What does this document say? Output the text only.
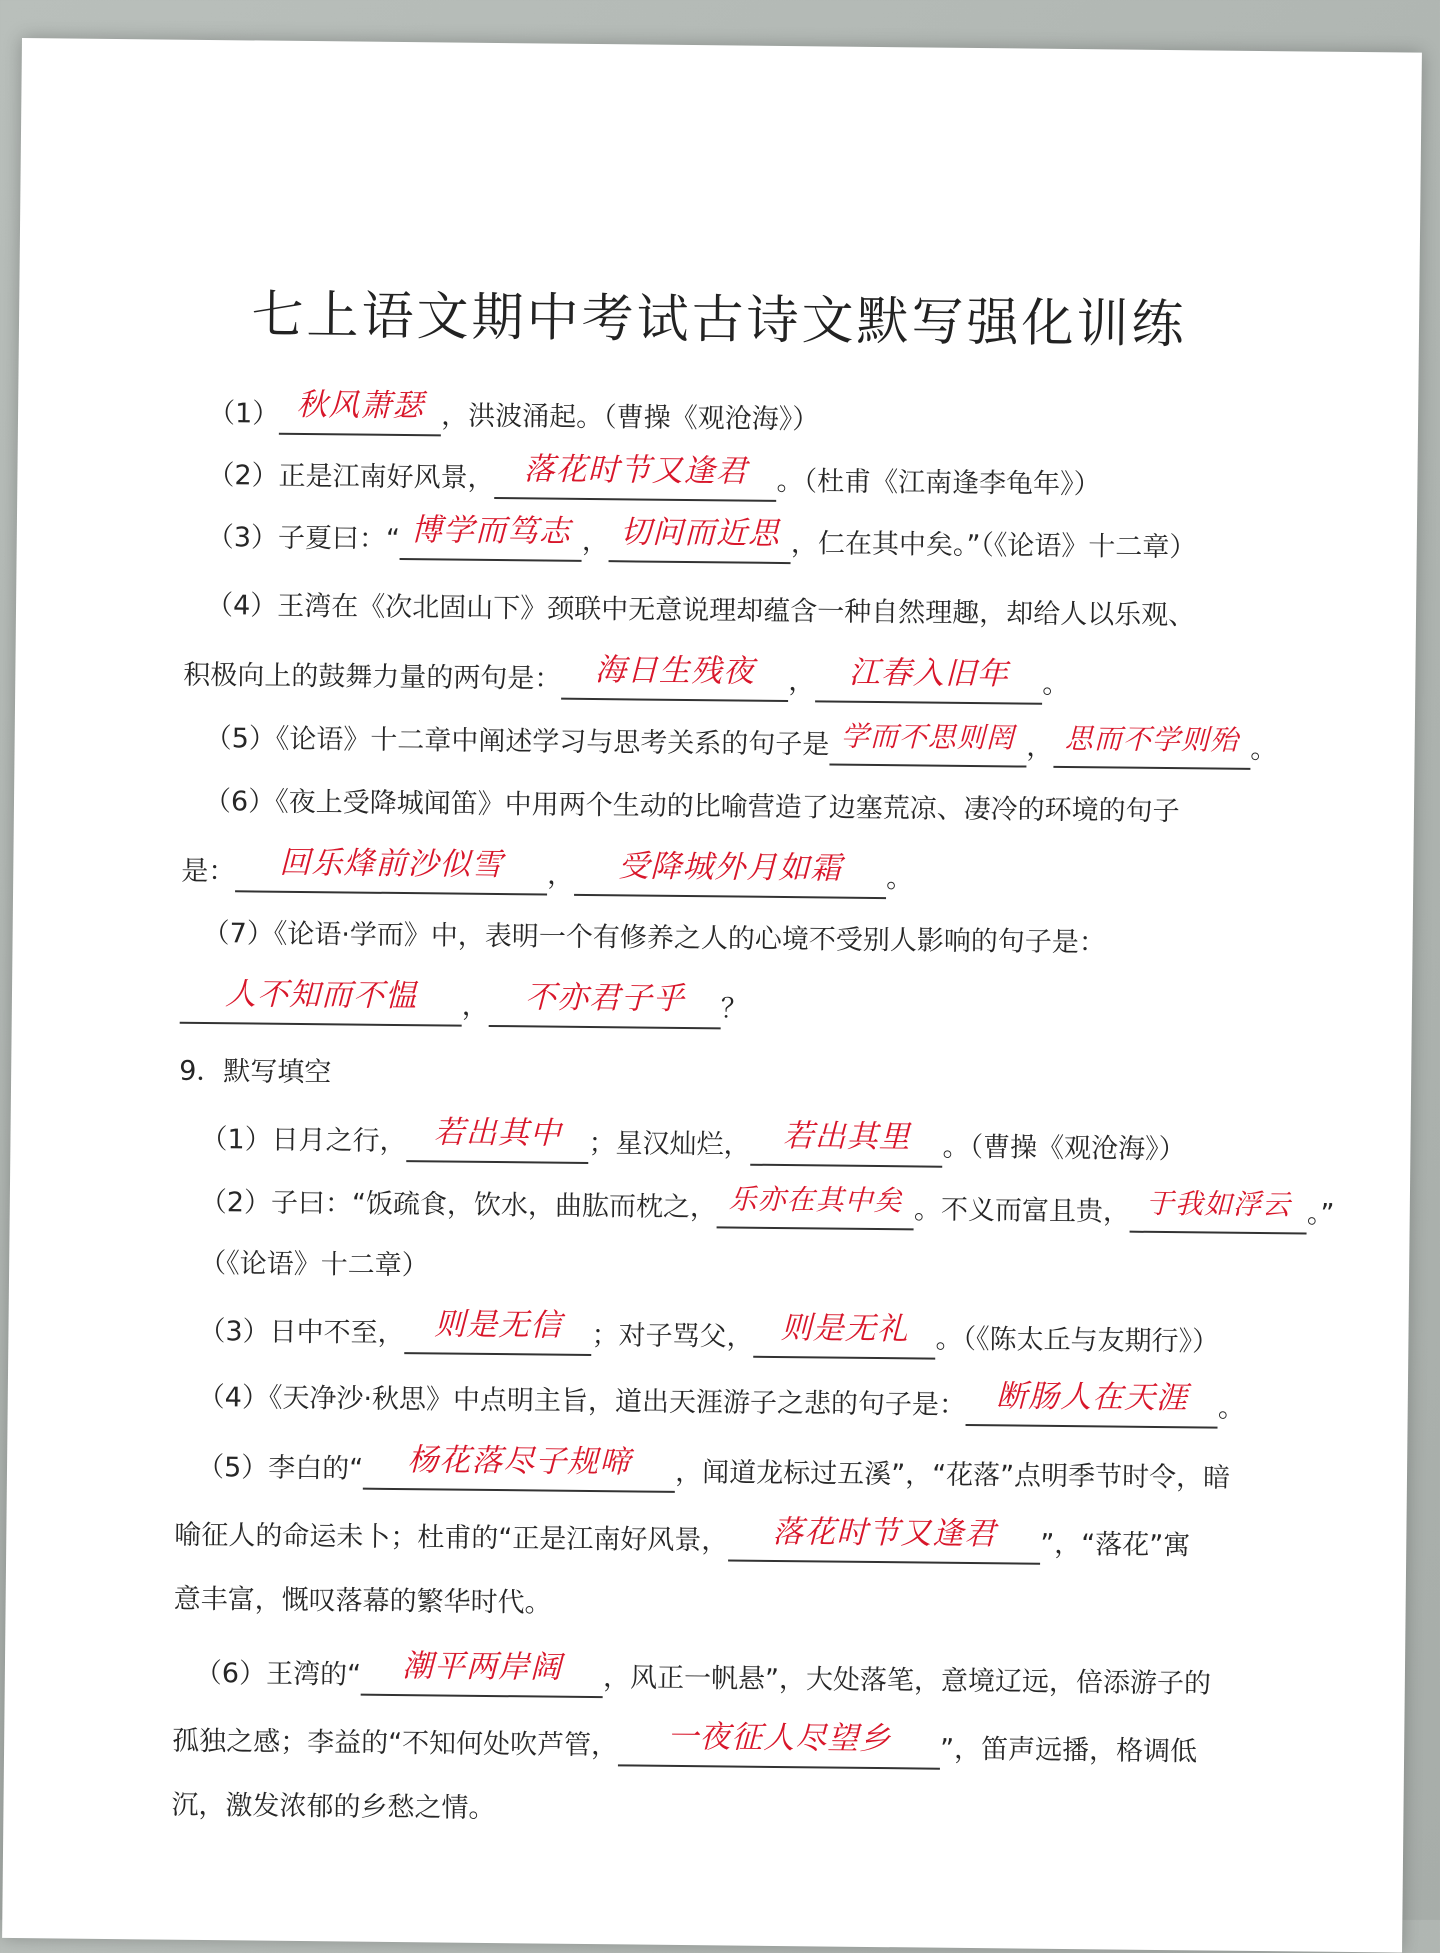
七上语文期中考试古诗文默写强化训练
（1） 秋风萧瑟 ，洪波涌起。（曹操《观沧海》）
（2）正是江南好风景， 落花时节又逢君 。（杜甫《江南逢李龟年》）
（3）子夏曰：“ 博学而笃志 ， 切问而近思 ，仁在其中矣。”（《论语》十二章）
（4）王湾在《次北固山下》颈联中无意说理却蕴含一种自然理趣，却给人以乐观、
积极向上的鼓舞力量的两句是： 海日生残夜 ， 江春入旧年 。
（5）《论语》十二章中阐述学习与思考关系的句子是 学而不思则罔 ， 思而不学则殆 。
（6）《夜上受降城闻笛》中用两个生动的比喻营造了边塞荒凉、凄冷的环境的句子
是： 回乐烽前沙似雪 ， 受降城外月如霜 。
（7）《论语·学而》中，表明一个有修养之人的心境不受别人影响的句子是：
人不知而不愠 ， 不亦君子乎 ？
9．默写填空
（1）日月之行， 若出其中 ；星汉灿烂， 若出其里 。（曹操《观沧海》）
（2）子曰：“饭疏食，饮水，曲肱而枕之， 乐亦在其中矣 。不义而富且贵， 于我如浮云 。”
（《论语》十二章）
（3）日中不至， 则是无信 ；对子骂父， 则是无礼 。（《陈太丘与友期行》）
（4）《天净沙·秋思》中点明主旨，道出天涯游子之悲的句子是： 断肠人在天涯 。
（5）李白的“ 杨花落尽子规啼 ，闻道龙标过五溪”，“花落”点明季节时令，暗
喻征人的命运未卜；杜甫的“正是江南好风景， 落花时节又逢君 ”，“落花”寓
意丰富，慨叹落幕的繁华时代。
（6）王湾的“ 潮平两岸阔 ，风正一帆悬”，大处落笔，意境辽远，倍添游子的
孤独之感；李益的“不知何处吹芦管， 一夜征人尽望乡 ”，笛声远播，格调低
沉，激发浓郁的乡愁之情。
